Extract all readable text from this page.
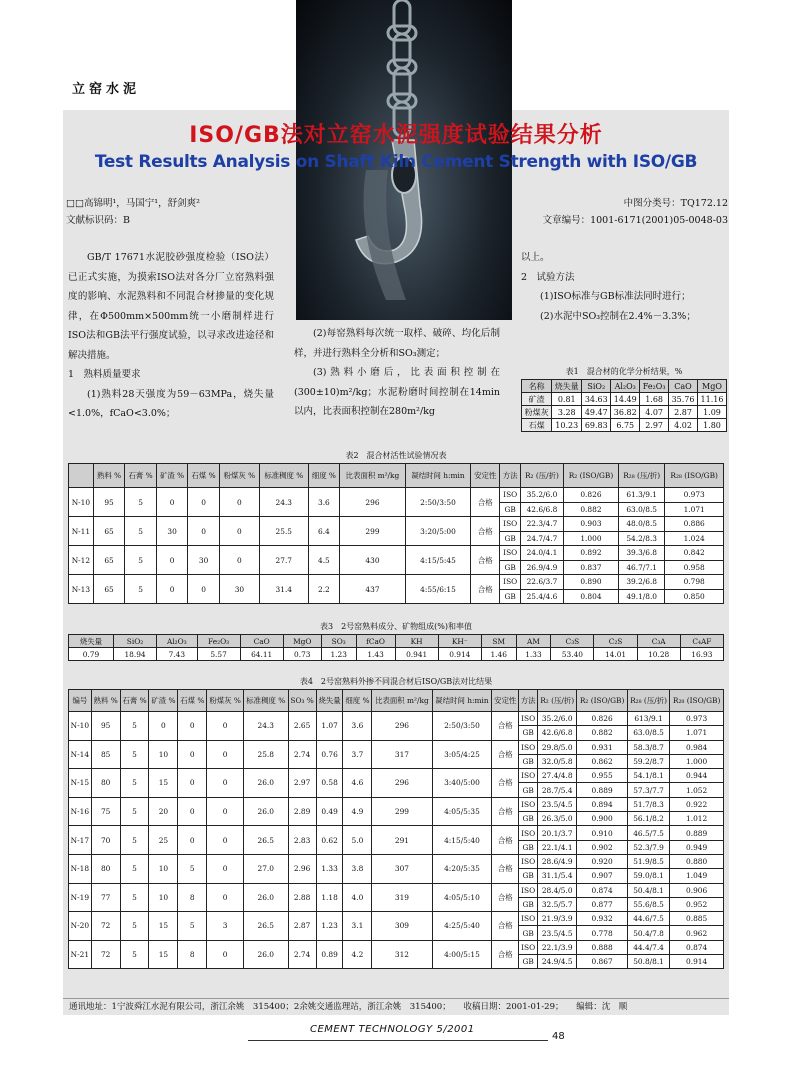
立窑水泥
ISO/GB法对立窑水泥强度试验结果分析
Test Results Analysis on Shaft Kiln Cement Strength with ISO/GB
□□高锦明¹，马国宁¹，舒剑爽²
文献标识码：B
中图分类号：TQ172.12
文章编号：1001-6171(2001)05-0048-03

GB/T 17671水泥胶砂强度检验（ISO法）已正式实施，为摸索ISO法对各分厂立窑熟料强度的影响、水泥熟料和不同混合材掺量的变化规律，在Φ500mm×500mm统一小磨制样进行ISO法和GB法平行强度试验，以寻求改进途径和解决措施。

1　熟料质量要求

(1)熟料28天强度为59－63MPa，烧失量<1.0%，fCaO<3.0%；

(2)每窑熟料每次统一取样、破碎、均化后制样，并进行熟料全分析和SO₃测定；

(3)熟料小磨后，比表面积控制在(300±10)m²/kg；水泥粉磨时间控制在14min以内，比表面积控制在280m²/kg

以上。

2　试验方法

(1)ISO标准与GB标准法同时进行；

(2)水泥中SO₃控制在2.4%－3.3%；

表1　混合材的化学分析结果，%
名称	烧失量	SiO₂	Al₂O₃	Fe₂O₃	CaO	MgO
矿渣	0.81	34.63	14.49	1.68	35.76	11.16
粉煤灰	3.28	49.47	36.82	4.07	2.87	1.09
石煤	10.23	69.83	6.75	2.97	4.02	1.80
表2　混合材活性试验情况表
	熟料 %	石膏 %	矿渣 %	石煤 %	粉煤灰 %	标准稠度 %	细度 %	比表面积 m²/kg	凝结时间 h:min	安定性	方法	R₂ (压/折)	R₂ (ISO/GB)	R₂₈ (压/折)	R₂₈ (ISO/GB)
N-10	95	5	0	0	0	24.3	3.6	296	2:50/3:50	合格	ISO	35.2/6.0	0.826	61.3/9.1	0.973
											GB	42.6/6.8	0.882	63.0/8.5	1.071
N-11	65	5	30	0	0	25.5	6.4	299	3:20/5:00	合格	ISO	22.3/4.7	0.903	48.0/8.5	0.886
											GB	24.7/4.7	1.000	54.2/8.3	1.024
N-12	65	5	0	30	0	27.7	4.5	430	4:15/5:45	合格	ISO	24.0/4.1	0.892	39.3/6.8	0.842
											GB	26.9/4.9	0.837	46.7/7.1	0.958
N-13	65	5	0	0	30	31.4	2.2	437	4:55/6:15	合格	ISO	22.6/3.7	0.890	39.2/6.8	0.798
											GB	25.4/4.6	0.804	49.1/8.0	0.850
表3　2号窑熟料成分、矿物组成(%)和率值
烧失量	SiO₂	Al₂O₃	Fe₂O₃	CaO	MgO	SO₃	fCaO	KH	KH⁻	SM	AM	C₃S	C₂S	C₃A	C₄AF
0.79	18.94	7.43	5.57	64.11	0.73	1.23	1.43	0.941	0.914	1.46	1.33	53.40	14.01	10.28	16.93
表4　2号窑熟料外掺不同混合材后ISO/GB法对比结果
编号	熟料 %	石膏 %	矿渣 %	石煤 %	粉煤灰 %	标准稠度 %	SO₃ %	烧失量	细度 %	比表面积 m²/kg	凝结时间 h:min	安定性	方法	R₂ (压/折)	R₂ (ISO/GB)	R₂₈ (压/折)	R₂₈ (ISO/GB)
N-10	95	5	0	0	0	24.3	2.65	1.07	3.6	296	2:50/3:50	合格	ISO	35.2/6.0	0.826	613/9.1	0.973
													GB	42.6/6.8	0.882	63.0/8.5	1.071
N-14	85	5	10	0	0	25.8	2.74	0.76	3.7	317	3:05/4:25	合格	ISO	29.8/5.0	0.931	58.3/8.7	0.984
													GB	32.0/5.8	0.862	59.2/8.7	1.000
N-15	80	5	15	0	0	26.0	2.97	0.58	4.6	296	3:40/5:00	合格	ISO	27.4/4.8	0.955	54.1/8.1	0.944
													GB	28.7/5.4	0.889	57.3/7.7	1.052
N-16	75	5	20	0	0	26.0	2.89	0.49	4.9	299	4:05/5:35	合格	ISO	23.5/4.5	0.894	51.7/8.3	0.922
													GB	26.3/5.0	0.900	56.1/8.2	1.012
N-17	70	5	25	0	0	26.5	2.83	0.62	5.0	291	4:15/5:40	合格	ISO	20.1/3.7	0.910	46.5/7.5	0.889
													GB	22.1/4.1	0.902	52.3/7.9	0.949
N-18	80	5	10	5	0	27.0	2.96	1.33	3.8	307	4:20/5:35	合格	ISO	28.6/4.9	0.920	51.9/8.5	0.880
													GB	31.1/5.4	0.907	59.0/8.1	1.049
N-19	77	5	10	8	0	26.0	2.88	1.18	4.0	319	4:05/5:10	合格	ISO	28.4/5.0	0.874	50.4/8.1	0.906
													GB	32.5/5.7	0.877	55.6/8.5	0.952
N-20	72	5	15	5	3	26.5	2.87	1.23	3.1	309	4:25/5:40	合格	ISO	21.9/3.9	0.932	44.6/7.5	0.885
													GB	23.5/4.5	0.778	50.4/7.8	0.962
N-21	72	5	15	8	0	26.0	2.74	0.89	4.2	312	4:00/5:15	合格	ISO	22.1/3.9	0.888	44.4/7.4	0.874
													GB	24.9/4.5	0.867	50.8/8.1	0.914
通讯地址：1宁波舜江水泥有限公司，浙江余姚　315400；2余姚交通监理站，浙江余姚　315400；　　收稿日期：2001-01-29；　　编辑：沈　顺
CEMENT TECHNOLOGY 5/2001
48
